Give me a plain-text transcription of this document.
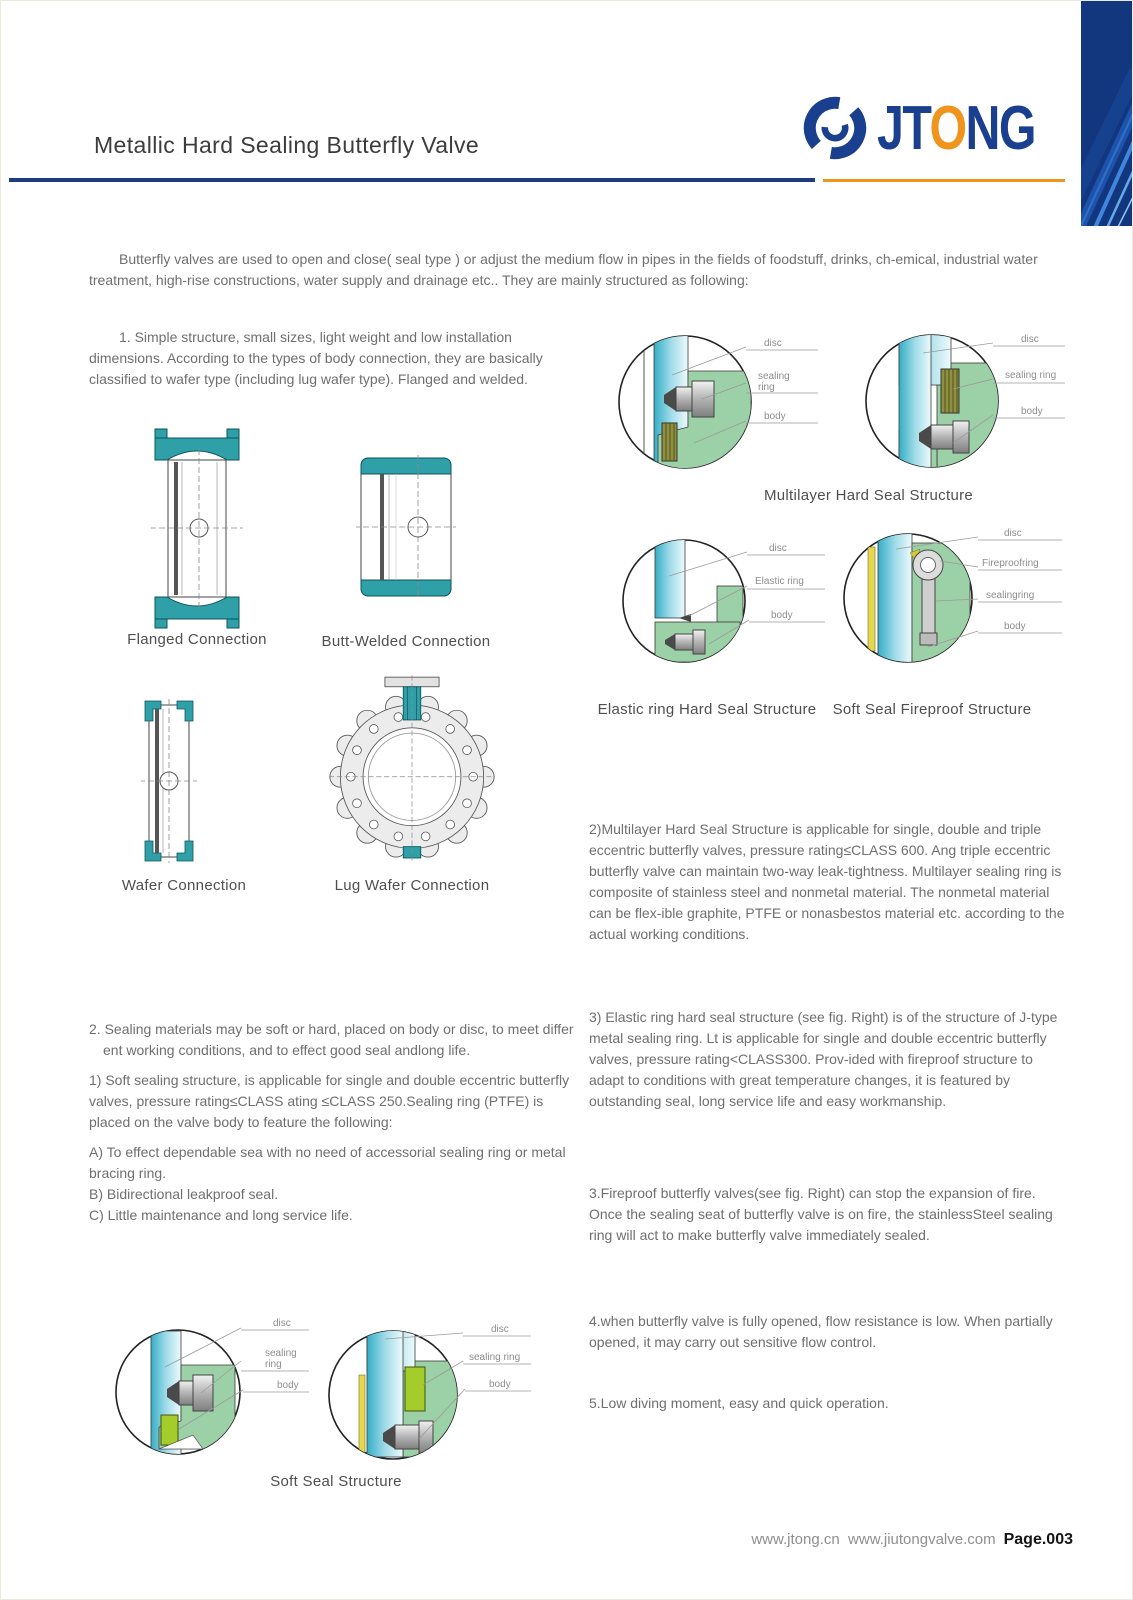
Metallic Hard Sealing Butterfly Valve	JTONG
Butterfly valves are used to open and close( seal type ) or adjust the medium flow in pipes in the fields of foodstuff, drinks, ch-emical, industrial water treatment, high-rise constructions, water supply and drainage etc.. They are mainly structured as following:
1. Simple structure, small sizes, light weight and low installation dimensions. According to the types of body connection, they are basically classified to wafer type (including lug wafer type). Flanged and welded.
Flanged Connection	Butt-Welded Connection
Wafer Connection	Lug Wafer Connection
disc
sealing
ring
body
disc
sealing ring
body
Multilayer Hard Seal Structure
disc
Elastic ring
body
disc
Fireproofring
sealingring
body
Elastic ring Hard Seal Structure	Soft Seal Fireproof Structure
2)Multilayer Hard Seal Structure is applicable for single, double and triple eccentric butterfly valves, pressure rating≤CLASS 600. Ang triple eccentric butterfly valve can maintain two-way leak-tightness. Multilayer sealing ring is composite of stainless steel and nonmetal material. The nonmetal material can be flex-ible graphite, PTFE or nonasbestos material etc. according to the actual working conditions.
3) Elastic ring hard seal structure (see fig. Right) is of the structure of J-type metal sealing ring. Lt is applicable for single and double eccentric butterfly valves, pressure rating<CLASS300. Prov-ided with fireproof structure to adapt to conditions with great temperature changes, it is featured by outstanding seal, long service life and easy workmanship.
3.Fireproof butterfly valves(see fig. Right) can stop the expansion of fire. Once the sealing seat of butterfly valve is on fire, the stainlessSteel sealing ring will act to make butterfly valve immediately sealed.
4.when butterfly valve is fully opened, flow resistance is low. When partially opened, it may carry out sensitive flow control.
5.Low diving moment, easy and quick operation.

2. Sealing materials may be soft or hard, placed on body or disc, to meet differ ent working conditions, and to effect good seal andlong life.

1) Soft sealing structure, is applicable for single and double eccentric butterfly valves, pressure rating≤CLASS ating ≤CLASS 250.Sealing ring (PTFE) is placed on the valve body to feature the following:

A) To effect dependable sea with no need of accessorial sealing ring or metal bracing ring.

B) Bidirectional leakproof seal.

C) Little maintenance and long service life.

disc
sealing
ring
body
disc
sealing ring
body
Soft Seal Structure
www.jtong.cn www.jiutongvalve.com Page.003
